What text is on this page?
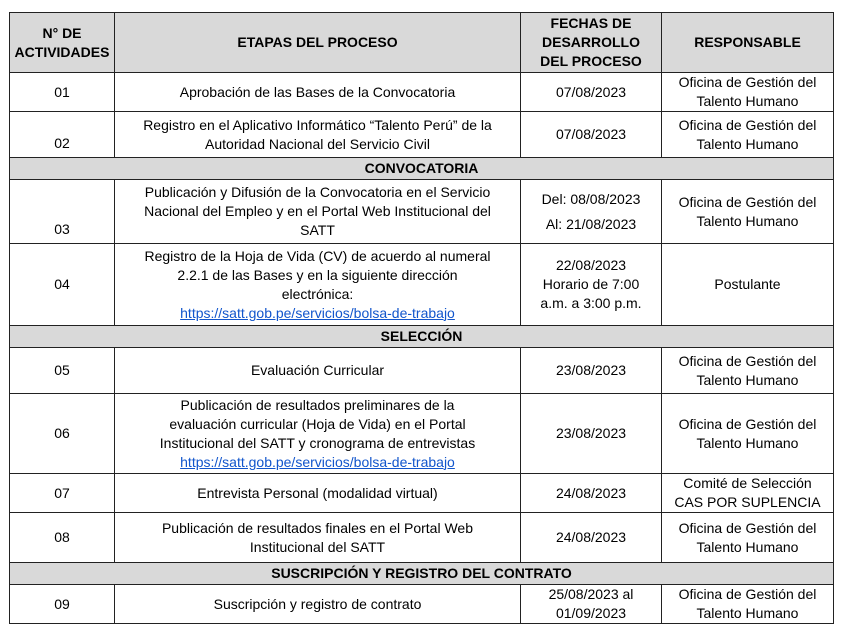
N° DE
ACTIVIDADES	ETAPAS DEL PROCESO	FECHAS DE
DESARROLLO
DEL PROCESO	RESPONSABLE
01	Aprobación de las Bases de la Convocatoria	07/08/2023	Oficina de Gestión del
Talento Humano

02	Registro en el Aplicativo Informático “Talento Perú” de la
Autoridad Nacional del Servicio Civil	07/08/2023	Oficina de Gestión del
Talento Humano

CONVOCATORIA			
03	Publicación y Difusión de la Convocatoria en el Servicio
Nacional del Empleo y en el Portal Web Institucional del
SATT	Del: 08/08/2023
Al: 21/08/2023	Oficina de Gestión del
Talento Humano

04	Registro de la Hoja de Vida (CV) de acuerdo al numeral
2.2.1 de las Bases y en la siguiente dirección
electrónica:
https://satt.gob.pe/servicios/bolsa-de-trabajo	22/08/2023
Horario de 7:00
a.m. a 3:00 p.m.	Postulante
SELECCIÓN			
05	Evaluación Curricular	23/08/2023	Oficina de Gestión del
Talento Humano

06	Publicación de resultados preliminares de la
evaluación curricular (Hoja de Vida) en el Portal
Institucional del SATT y cronograma de entrevistas
https://satt.gob.pe/servicios/bolsa-de-trabajo	23/08/2023	Oficina de Gestión del
Talento Humano

07	Entrevista Personal (modalidad virtual)	24/08/2023	Comité de Selección
CAS POR SUPLENCIA

08	Publicación de resultados finales en el Portal Web
Institucional del SATT	24/08/2023	Oficina de Gestión del
Talento Humano

SUSCRIPCIÓN Y REGISTRO DEL CONTRATO			
09	Suscripción y registro de contrato	25/08/2023 al
01/09/2023	Oficina de Gestión del
Talento Humano
